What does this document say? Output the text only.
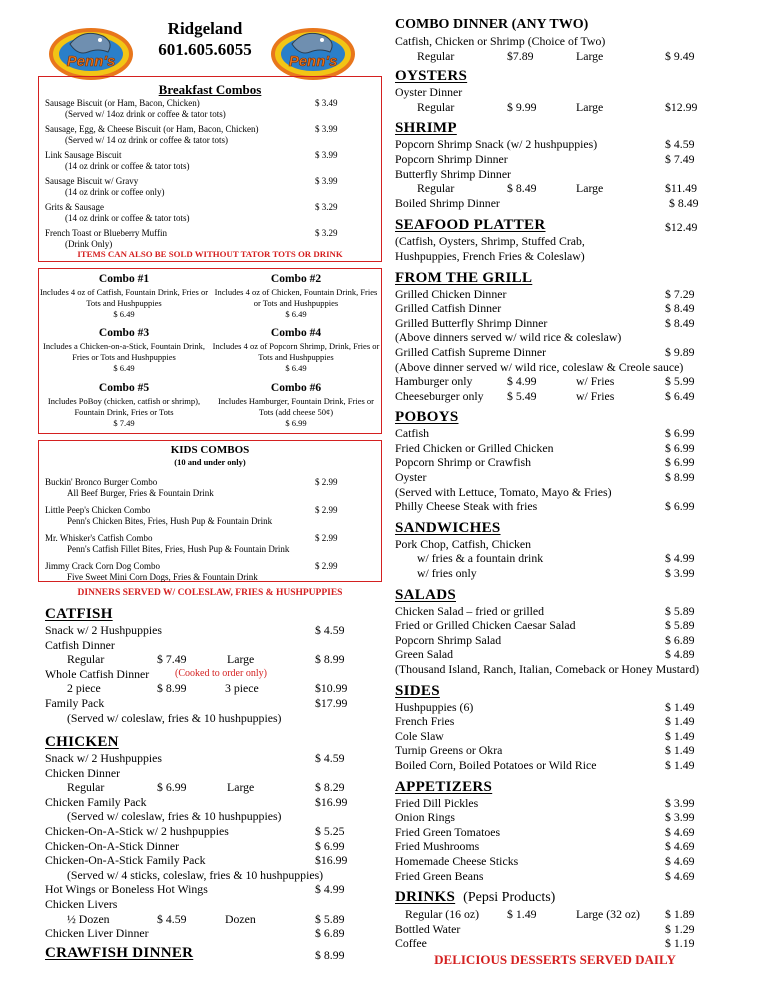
Penn's	Penn's
Ridgeland
601.605.6055
Breakfast Combos
Sausage Biscuit (or Ham, Bacon, Chicken)
(Served w/ 14oz drink or coffee & tator tots)
$ 3.49
Sausage, Egg, & Cheese Biscuit (or Ham, Bacon, Chicken)
(Served w/ 14 oz drink or coffee & tator tots)
$ 3.99
Link Sausage Biscuit
(14 oz drink or coffee & tator tots)
$ 3.99
Sausage Biscuit w/ Gravy
(14 oz drink or coffee only)
$ 3.99
Grits & Sausage
(14 oz drink or coffee & tator tots)
$ 3.29
French Toast or Blueberry Muffin
(Drink Only)
$ 3.29
ITEMS CAN ALSO BE SOLD WITHOUT TATOR TOTS OR DRINK
Combo #1
Includes 4 oz of Catfish, Fountain Drink, Fries or Tots and Hushpuppies
$ 6.49
Combo #2
Includes 4 oz of Chicken, Fountain Drink, Fries or Tots and Hushpuppies
$ 6.49
Combo #3
Includes a Chicken-on-a-Stick, Fountain Drink, Fries or Tots and Hushpuppies
$ 6.49
Combo #4
Includes 4 oz of Popcorn Shrimp, Drink, Fries or Tots and Hushpuppies
$ 6.49
Combo #5
Includes PoBoy (chicken, catfish or shrimp), Fountain Drink, Fries or Tots
$ 7.49
Combo #6
Includes Hamburger, Fountain Drink, Fries or Tots (add cheese 50¢)
$ 6.99
KIDS COMBOS
(10 and under only)
Buckin' Bronco Burger Combo
All Beef Burger, Fries & Fountain Drink
$ 2.99
Little Peep's Chicken Combo
Penn's Chicken Bites, Fries, Hush Pup & Fountain Drink
$ 2.99
Mr. Whisker's Catfish Combo
Penn's Catfish Fillet Bites, Fries, Hush Pup & Fountain Drink
$ 2.99
Jimmy Crack Corn Dog Combo
Five Sweet Mini Corn Dogs, Fries & Fountain Drink
$ 2.99
DINNERS SERVED W/ COLESLAW, FRIES & HUSHPUPPIES
CATFISH
Snack w/ 2 Hushpuppies	$ 4.59
Catfish Dinner
Regular	$ 7.49	Large	$ 8.99
Whole Catfish Dinner	(Cooked to order only)
2 piece	$ 8.99	3 piece	$10.99
Family Pack	$17.99
(Served w/ coleslaw, fries & 10 hushpuppies)
CHICKEN
Snack w/ 2 Hushpuppies	$ 4.59
Chicken Dinner
Regular	$ 6.99	Large	$ 8.29
Chicken Family Pack	$16.99
(Served w/ coleslaw, fries & 10 hushpuppies)
Chicken-On-A-Stick w/ 2 hushpuppies	$ 5.25
Chicken-On-A-Stick Dinner	$ 6.99
Chicken-On-A-Stick Family Pack	$16.99
(Served w/ 4 sticks, coleslaw, fries & 10 hushpuppies)
Hot Wings or Boneless Hot Wings	$ 4.99
Chicken Livers
½ Dozen	$ 4.59	Dozen	$ 5.89
Chicken Liver Dinner	$ 6.89
CRAWFISH DINNER	$ 8.99
COMBO DINNER (ANY TWO)
Catfish, Chicken or Shrimp (Choice of Two)
Regular	$7.89	Large	$ 9.49
OYSTERS
Oyster Dinner
Regular	$ 9.99	Large	$12.99
SHRIMP
Popcorn Shrimp Snack (w/ 2 hushpuppies)	$ 4.59
Popcorn Shrimp Dinner	$ 7.49
Butterfly Shrimp Dinner
Regular	$ 8.49	Large	$11.49
Boiled Shrimp Dinner	$ 8.49
SEAFOOD PLATTER	$12.49
(Catfish, Oysters, Shrimp, Stuffed Crab,
Hushpuppies, French Fries & Coleslaw)
FROM THE GRILL
Grilled Chicken Dinner	$ 7.29
Grilled Catfish Dinner	$ 8.49
Grilled Butterfly Shrimp Dinner	$ 8.49
(Above dinners served w/ wild rice & coleslaw)
Grilled Catfish Supreme Dinner	$ 9.89
(Above dinner served w/ wild rice, coleslaw & Creole sauce)
Hamburger only	$ 4.99	w/ Fries	$ 5.99
Cheeseburger only $ 5.49	w/ Fries	$ 6.49
POBOYS
Catfish	$ 6.99
Fried Chicken or Grilled Chicken	$ 6.99
Popcorn Shrimp or Crawfish	$ 6.99
Oyster	$ 8.99
(Served with Lettuce, Tomato, Mayo & Fries)
Philly Cheese Steak with fries	$ 6.99
SANDWICHES
Pork Chop, Catfish, Chicken
w/ fries & a fountain drink	$ 4.99
w/ fries only	$ 3.99
SALADS
Chicken Salad – fried or grilled	$ 5.89
Fried or Grilled Chicken Caesar Salad	$ 5.89
Popcorn Shrimp Salad	$ 6.89
Green Salad	$ 4.89
(Thousand Island, Ranch, Italian, Comeback or Honey Mustard)
SIDES
Hushpuppies (6)	$ 1.49
French Fries	$ 1.49
Cole Slaw	$ 1.49
Turnip Greens or Okra	$ 1.49
Boiled Corn, Boiled Potatoes or Wild Rice	$ 1.49
APPETIZERS
Fried Dill Pickles	$ 3.99
Onion Rings	$ 3.99
Fried Green Tomatoes	$ 4.69
Fried Mushrooms	$ 4.69
Homemade Cheese Sticks	$ 4.69
Fried Green Beans	$ 4.69
DRINKS (Pepsi Products)
Regular (16 oz) $ 1.49	Large (32 oz) $ 1.89
Bottled Water	$ 1.29
Coffee	$ 1.19
DELICIOUS DESSERTS SERVED DAILY
